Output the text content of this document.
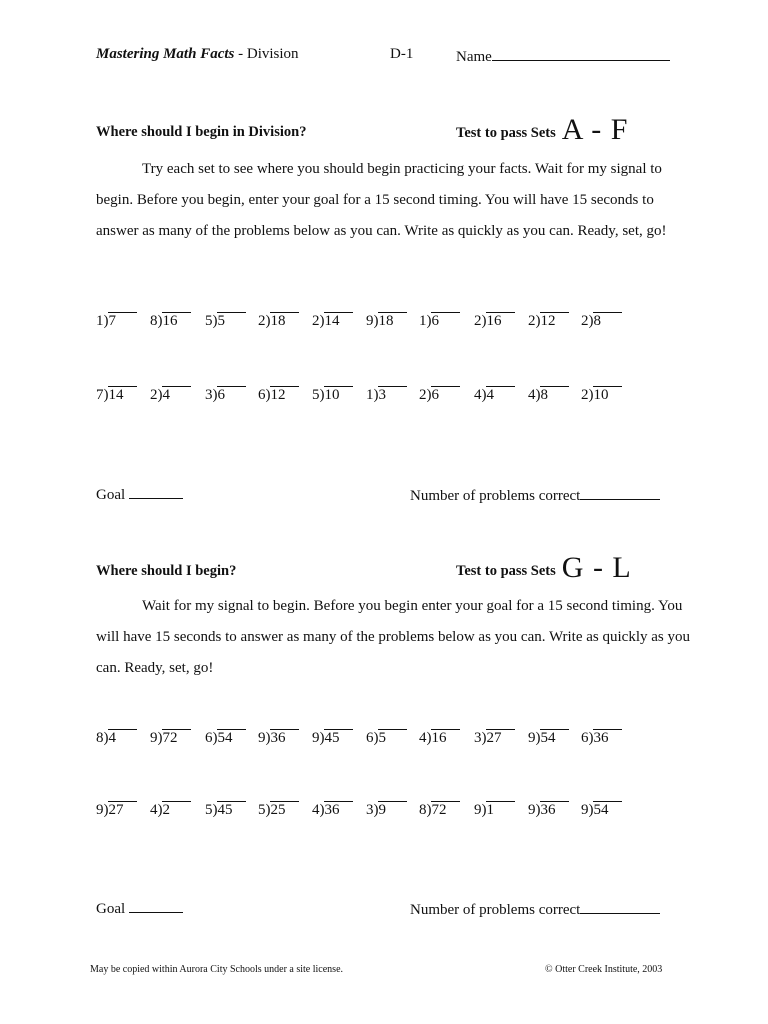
Mastering Math Facts - Division	D-1	Name
Where should I begin in Division?	Test to pass Sets A - F
Try each set to see where you should begin practicing your facts. Wait for my signal to begin. Before you begin, enter your goal for a 15 second timing. You will have 15 seconds to answer as many of the problems below as you can. Write as quickly as you can. Ready, set, go!
1)7	8)16	5)5	2)18	2)14	9)18	1)6	2)16	2)12	2)8
7)14	2)4	3)6	6)12	5)10	1)3	2)6	4)4	4)8	2)10
Goal	Number of problems correct
Where should I begin?	Test to pass Sets G - L
Wait for my signal to begin. Before you begin enter your goal for a 15 second timing. You will have 15 seconds to answer as many of the problems below as you can. Write as quickly as you can. Ready, set, go!
8)4	9)72	6)54	9)36	9)45	6)5	4)16	3)27	9)54	6)36
9)27	4)2	5)45	5)25	4)36	3)9	8)72	9)1	9)36	9)54
Goal	Number of problems correct
May be copied within Aurora City Schools under a site license.	© Otter Creek Institute, 2003
